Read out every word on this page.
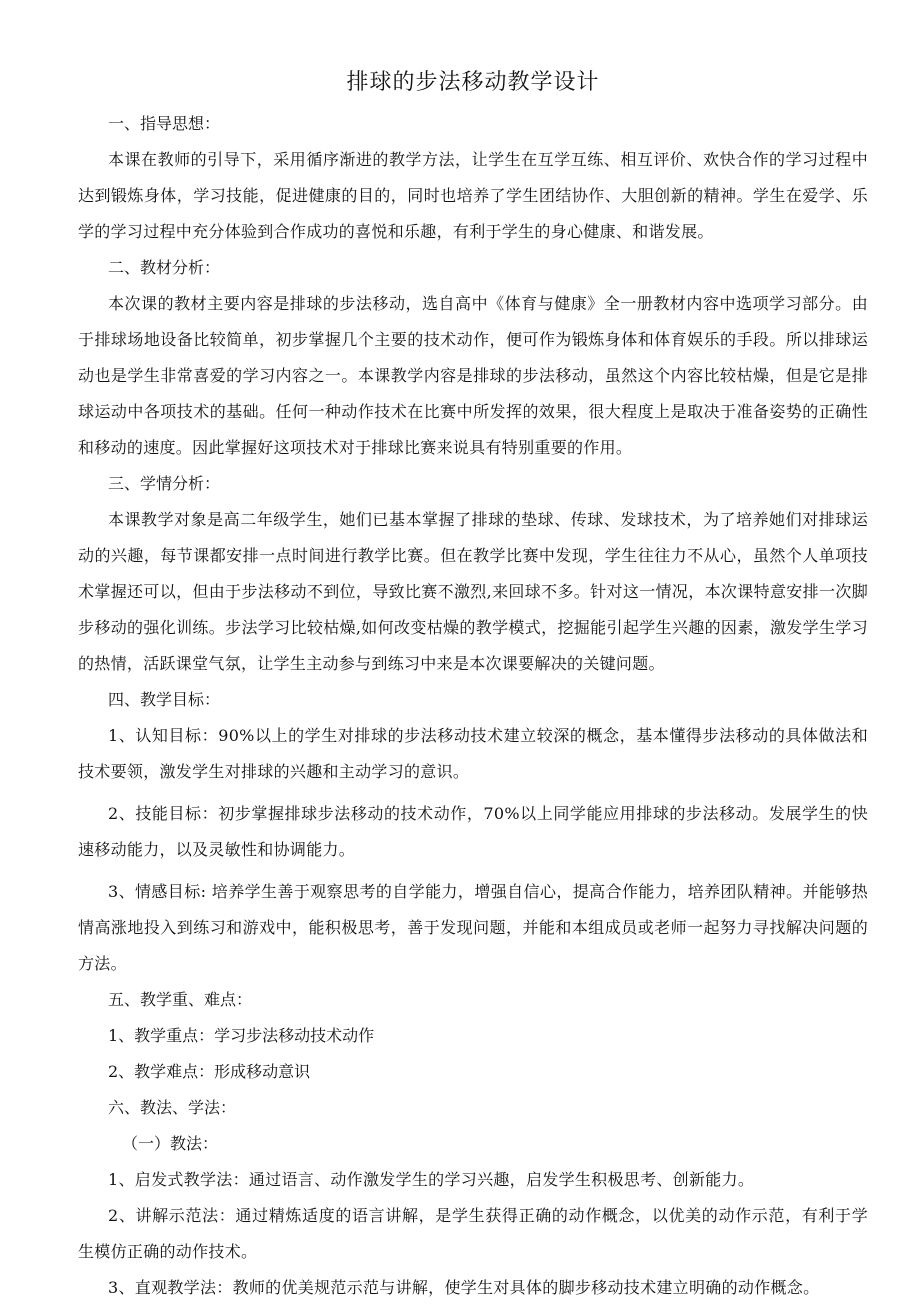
排球的步法移动教学设计

一、指导思想：

本课在教师的引导下，采用循序渐进的教学方法，让学生在互学互练、相互评价、欢快合作的学习过程中达到锻炼身体，学习技能，促进健康的目的，同时也培养了学生团结协作、大胆创新的精神。学生在爱学、乐学的学习过程中充分体验到合作成功的喜悦和乐趣，有利于学生的身心健康、和谐发展。

二、教材分析：

本次课的教材主要内容是排球的步法移动，选自高中《体育与健康》全一册教材内容中选项学习部分。由于排球场地设备比较简单，初步掌握几个主要的技术动作，便可作为锻炼身体和体育娱乐的手段。所以排球运动也是学生非常喜爱的学习内容之一。本课教学内容是排球的步法移动，虽然这个内容比较枯燥，但是它是排球运动中各项技术的基础。任何一种动作技术在比赛中所发挥的效果，很大程度上是取决于准备姿势的正确性和移动的速度。因此掌握好这项技术对于排球比赛来说具有特别重要的作用。

三、学情分析：

本课教学对象是高二年级学生，她们已基本掌握了排球的垫球、传球、发球技术，为了培养她们对排球运动的兴趣，每节课都安排一点时间进行教学比赛。但在教学比赛中发现，学生往往力不从心，虽然个人单项技术掌握还可以，但由于步法移动不到位，导致比赛不激烈,来回球不多。针对这一情况，本次课特意安排一次脚步移动的强化训练。步法学习比较枯燥,如何改变枯燥的教学模式，挖掘能引起学生兴趣的因素，激发学生学习的热情，活跃课堂气氛，让学生主动参与到练习中来是本次课要解决的关键问题。

四、教学目标：

1、认知目标：90%以上的学生对排球的步法移动技术建立较深的概念，基本懂得步法移动的具体做法和技术要领，激发学生对排球的兴趣和主动学习的意识。

2、技能目标：初步掌握排球步法移动的技术动作，70%以上同学能应用排球的步法移动。发展学生的快速移动能力，以及灵敏性和协调能力。

3、情感目标: 培养学生善于观察思考的自学能力，增强自信心，提高合作能力，培养团队精神。并能够热情高涨地投入到练习和游戏中，能积极思考，善于发现问题，并能和本组成员或老师一起努力寻找解决问题的方法。

五、教学重、难点：

1、教学重点：学习步法移动技术动作

2、教学难点：形成移动意识

六、教法、学法：

（一）教法：

1、启发式教学法：通过语言、动作激发学生的学习兴趣，启发学生积极思考、创新能力。

2、讲解示范法：通过精炼适度的语言讲解，是学生获得正确的动作概念，以优美的动作示范，有利于学生模仿正确的动作技术。

3、直观教学法：教师的优美规范示范与讲解，使学生对具体的脚步移动技术建立明确的动作概念。
